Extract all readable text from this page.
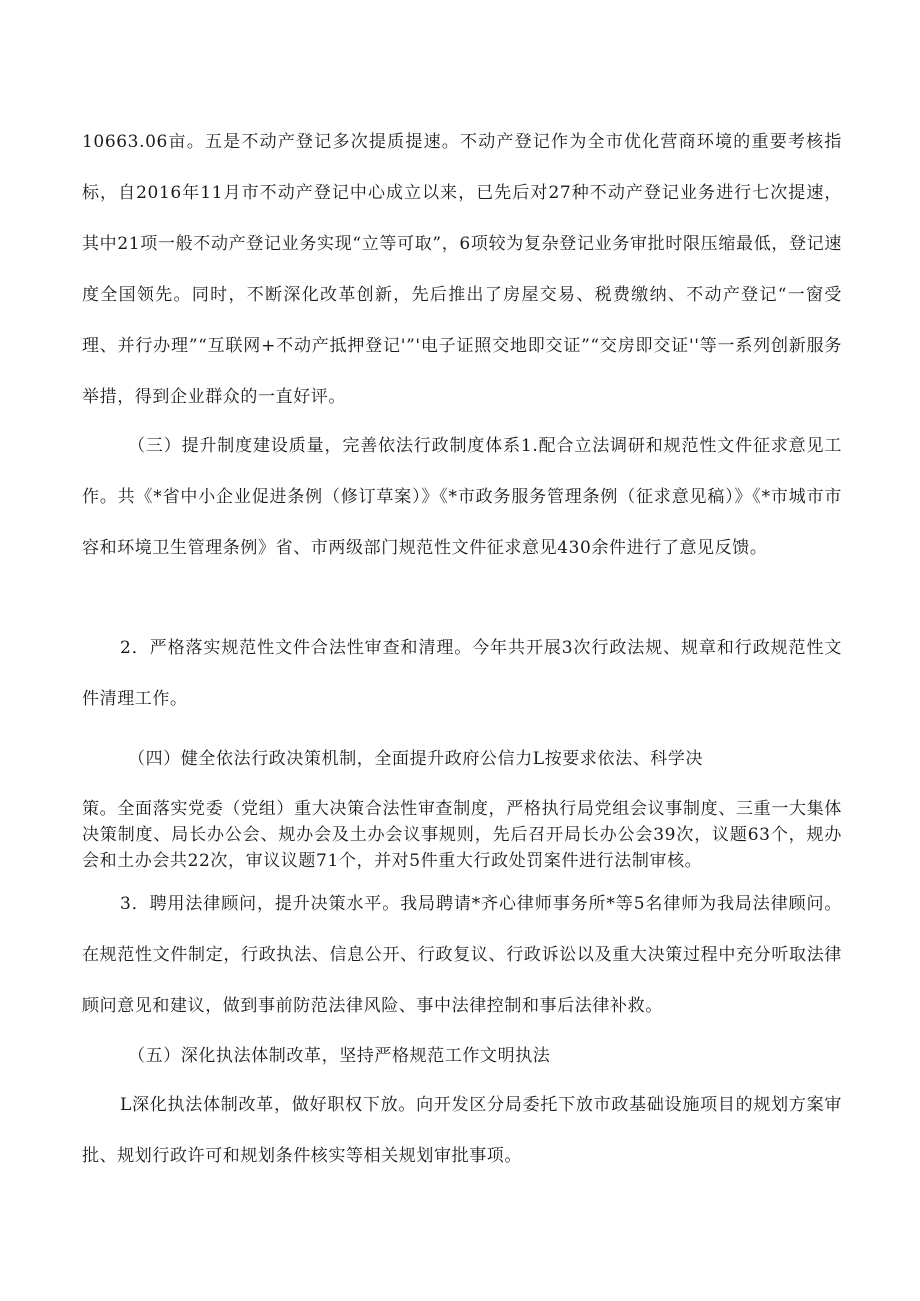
10663.06亩。五是不动产登记多次提质提速。不动产登记作为全市优化营商环境的重要考核指标，自2016年11月市不动产登记中心成立以来，已先后对27种不动产登记业务进行七次提速，其中21项一般不动产登记业务实现“立等可取”，6项较为复杂登记业务审批时限压缩最低，登记速度全国领先。同时，不断深化改革创新，先后推出了房屋交易、税费缴纳、不动产登记“一窗受理、并行办理”“互联网+不动产抵押登记'”'电子证照交地即交证”“交房即交证''等一系列创新服务举措，得到企业群众的一直好评。

（三）提升制度建设质量，完善依法行政制度体系1.配合立法调研和规范性文件征求意见工作。共《*省中小企业促进条例（修订草案）》《*市政务服务管理条例（征求意见稿）》《*市城市市容和环境卫生管理条例》省、市两级部门规范性文件征求意见430余件进行了意见反馈。

2．严格落实规范性文件合法性审查和清理。今年共开展3次行政法规、规章和行政规范性文件清理工作。

（四）健全依法行政决策机制，全面提升政府公信力L按要求依法、科学决

策。全面落实党委（党组）重大决策合法性审查制度，严格执行局党组会议事制度、三重一大集体决策制度、局长办公会、规办会及土办会议事规则，先后召开局长办公会39次，议题63个，规办会和土办会共22次，审议议题71个，并对5件重大行政处罚案件进行法制审核。

3．聘用法律顾问，提升决策水平。我局聘请*齐心律师事务所*等5名律师为我局法律顾问。在规范性文件制定，行政执法、信息公开、行政复议、行政诉讼以及重大决策过程中充分听取法律顾问意见和建议，做到事前防范法律风险、事中法律控制和事后法律补救。

（五）深化执法体制改革，坚持严格规范工作文明执法

L深化执法体制改革，做好职权下放。向开发区分局委托下放市政基础设施项目的规划方案审批、规划行政许可和规划条件核实等相关规划审批事项。
